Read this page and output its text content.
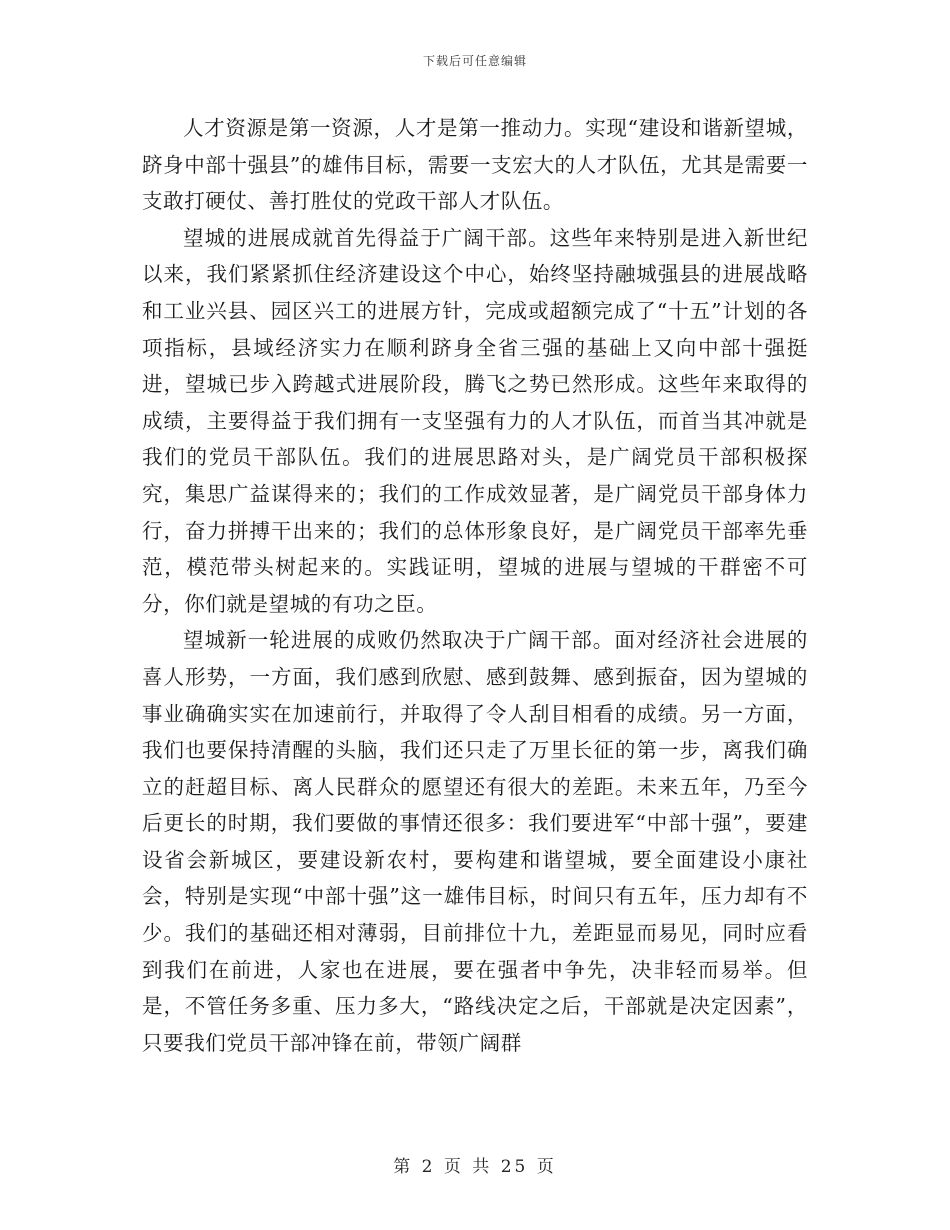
下载后可任意编辑

人才资源是第一资源，人才是第一推动力。实现“建设和谐新望城，跻身中部十强县”的雄伟目标，需要一支宏大的人才队伍，尤其是需要一支敢打硬仗、善打胜仗的党政干部人才队伍。

望城的进展成就首先得益于广阔干部。这些年来特别是进入新世纪以来，我们紧紧抓住经济建设这个中心，始终坚持融城强县的进展战略和工业兴县、园区兴工的进展方针，完成或超额完成了“十五”计划的各项指标，县域经济实力在顺利跻身全省三强的基础上又向中部十强挺进，望城已步入跨越式进展阶段，腾飞之势已然形成。这些年来取得的成绩，主要得益于我们拥有一支坚强有力的人才队伍，而首当其冲就是我们的党员干部队伍。我们的进展思路对头，是广阔党员干部积极探究，集思广益谋得来的；我们的工作成效显著，是广阔党员干部身体力行，奋力拼搏干出来的；我们的总体形象良好，是广阔党员干部率先垂范，模范带头树起来的。实践证明，望城的进展与望城的干群密不可分，你们就是望城的有功之臣。

望城新一轮进展的成败仍然取决于广阔干部。面对经济社会进展的喜人形势，一方面，我们感到欣慰、感到鼓舞、感到振奋，因为望城的事业确确实实在加速前行，并取得了令人刮目相看的成绩。另一方面，我们也要保持清醒的头脑，我们还只走了万里长征的第一步，离我们确立的赶超目标、离人民群众的愿望还有很大的差距。未来五年，乃至今后更长的时期，我们要做的事情还很多：我们要进军“中部十强”，要建设省会新城区，要建设新农村，要构建和谐望城，要全面建设小康社会，特别是实现“中部十强”这一雄伟目标，时间只有五年，压力却有不少。我们的基础还相对薄弱，目前排位十九，差距显而易见，同时应看到我们在前进，人家也在进展，要在强者中争先，决非轻而易举。但是，不管任务多重、压力多大，“路线决定之后，干部就是决定因素”，只要我们党员干部冲锋在前，带领广阔群

第 2 页 共 25 页
